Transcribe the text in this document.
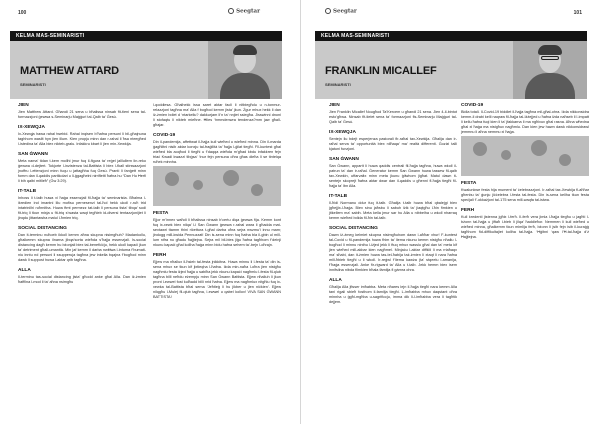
100	Seegtar
KELMA MAS-SEMINARISTI
MATTHEW ATTARD
SEMINARISTI
JIEN
Jien Matthew Attard. Għandi 21 sena u bħalissa ninsab fit-tieni sena tal-formazzjoni ġewwa s-Seminarju Maġġuri tal-Qalb ta’ Ġesù.
IX-XEWQJA
Ix-Xewqja hawa rahal twebid. Rahal inqisen b’ħafna persuni li bil-għajnuna taghhom waslit hyn jien illum. Kien propju minn dan r-rahal li ħsa nteegħed l-istedina ta’ Alla biex nikteb-gralu. Infakkru kbart li jien min-Xewkija.
SAN ĠWANN
Meta nama’ tidan t-kem mollhi jmur fuq il-figura ta’ reġel jalllullern lin-reko ġewwa d-dejtert. Tokjorte l-inzistenza tal-Battista li biex l-fkall stinwazzjoni jnoffru l-ettenzjoni minn fuqu u jattagħha fuq Ġesù. Pranti li fanġett minn fomm dan il-qaddis partikolari u li-ġgagħelni nirrifletti ħafna hu “Dan Hu Ħerfi li bih qalbi mitlieħ” (Ġw 3:29).
IT-TALB
Inhoss li t-talb huwa xi ħaġa essenzjali fil-ħajja ta’ seminarista. Bħalma l-ikredien ind imantni lilu mofisu pernesenzi tal-ħol hekk ukoll r-ruħ trid intatrinilhi ruħrnitha. Huwa ftmt permezz tat-talb li persuna tista’ tibqa’ sodi fit-triq li tkun mixja u fit-triq s’wasta waqt tegħleb id-diversi tentazzjonijiet li jinqdu jittantawha matul l-ħmien triq.
SOCIAL DISTANCING
Dan it-terminu nuħoeb ikkoll kemm aħna skupna nisimgħuh? Madankollu, għalkemm skupna ilnarna jibqa’sorta wieħda s’ħajja essenzjali. Is-social distancing dagħ kemm hu bżonjali biex tal-benefiċċju, hekk ukoll kapaċi jkun ta’ detriment għall-umanità. Min jaf kemm il darba nwittwa l-intuma f’bumati-niu inntu nd persuni li ssupperuja tagħna jew inkella bqajna f’bogħod minn dawk li suppost huwa l-aktar qrib tagħna.
ALLA
Il-terminu tas-social distancing jista’ għodd anke għal Alla. Dan iż-żmien ħaffilna l-mod li ta’ aħna nsimgħu
l-qoddiesa. Għalhekk issa saret aktar facli li nitbiegħdu u n-tonmur-relazzjoni tagħna ma’ Alla f bogħod kemm jista’ jkun. Żgur mhux hekk li dan iż-żmien bdiet d ‘ntarkellu? dakkurjam li’n ta’ nnjiet ssiegħa. Jisswinni dnoni li stofaqtu li nikteb mieħne. Ħlies ‘hmmdenwra tendenza?mm jaw għall-għajar.
COVID-19
Din il-pandemija, affettwat il-ħajja kull wieħed u wieħed minna. Din il-marda ġagħlitni nisib aktar konxju tal-fraġilità ta’ ħajja l-ġilat tiegħi. Fil-kuntest għal wieħed bla aoqħod li tiegħi u f’daqqa wieħda m’għad kbdu infakkren fejn triaċ Kwadi kwazzi tibġsa’ ‘inur fejn persuna oħra għas dieħa li se tintelqa ruħek minnha.
FESTA
Ejjor m’innex waħdi li bħalissa ninsab b’certu diqa ġewwa fija. Kemm kont fuq ix-xewk biex nilqa’ l-l San Ġwann ġewwa r-rahal wara li għadda mat-sextawri ttamm thini riċettura t-għal darba oħra sejra nwzmu’i innu mam; jindogg mill-kwida Pennuzzat! Din is-sena minn fuq ħafna bla il-gbin ul mill-lum nifra nu għadu ħajjtejna. Sejra mil bil-bies jiġu ħafna tagħhom f’deinji nkunu kapaċi għal kollha ħaġa minn bidu hafna sehem ta’-bejn l-oħrajn.
FERH
Ejjew ma nħallux il-ħsieb tal-festa jnikkitna. Huwa minnu li l-festa ta’ din is-sena mhux se tkun kif jixtieqha l-ħafna. Iżda min-naħa l-oħra jien nistgħu nagħmlu festa iżjed ħajja u sabiħa jekk nkunu kapaċi nagħmlu l-festa fil-qlub tagħna billi neħdu eżempju minn San Ġwann Battista. Ejjew nħalluh li jkun pront l-ewwel fost kulħadd billi nrid ħafna. Ejjew ma nagħmlux nitgħlu fuq ix-xewka tal-Battista bħal sema ‘Jeħtieġ li hu jikber u jien niċkien’. Ejjew nilqgħu l-Mulej fil-qlub tagħna, l-ewwel u qabel kollox! VIVA SAN ĠWANN BATTISTA!
101
Seegtar
KELMA MAS-SEMINARISTI
FRANKLIN MICALLEF
SEMINARISTI
JIEN
Jien Franklin Micallef Nougħod Ta’Kercem u għandi 21 sena. Jien 4-il-bintot esto’għwa. Ninsab fit-tielet sena ta’ formazzjoni fis-Seminarju Maġġuri tal-Qalb ta’ Ġesù.
IX-XEWQJA
Sentejn ilu bdejt esperjenza pastorali fir-raħal tax-Xewkija. Għalija dan ir-raħal serva ta’ opportunità biex nilħaqa’ ma’ realtà differenti. Ġozizi talli kjatuni funzjoni.
SAN ĠWANN
San Ġwann, appartt li huwa qaddis centrali fil-ħajja tagħna, huwa wkoll il-patrun ta’ dan ir-raħal. Ġeneratur kemm San Ġwann huwa tassew fil-qalb tax-Xewkin, uffarvaltx minn meta jkunu ġilwhom jigħat. Matul dawn it-sentejn skoprejt ħafna aktar dwar dan il-qaddis u għenni fl-ħajja tiegħi fil-ħajja ta’ lbn Alla.
IT-TALB
Il-ħidi Normanu ddur fuq it-talb. Għalija t-talb huwa bħal qbalejgi biex jgħejjix-l-ħaġa. Biex sinu jaħsbu li sabuh iżik ta’ jiaqtgħu l-ħin fimkien u jitkellem ma’ sabih. Meta kella jmur sar hu Alla u nibbelha u wkoll nharraq kemm wieħed bdida fil-ħin tal-talb.
SOCIAL DISTANCING
Dawn iż-żmeg kelmiet skupna nisimgħuhom dawn l-aħħar xhur! F-kuntest tal-Covid u fil-pandemija huwa fhim ta’ liema nkunu kemm nistgħu nħallu l-bogħod li minnu ninthu l-iżjed jekk li ftuq mhux wasslu għal dan ta’ meta kif jien wieħed mill-akbar kien nagħmel. Minjaċu l-aktar diffiċli li ma rriaħaqx ma’ sħabi, dan it-żmien huwa tas-tel-ħabija taż-żmien li xtaqt li nara ħafna mill-ħbieb tiegħi u li wkoll. Ir-reġwl f’liema kawża (ta’ stqeelu l-amanija, f’ħaġa essenzjali. Anke fir-rigward ta’ Alla u t-talb. Jekk hemm biex isem innifsilna nibda flimkien bħala fàmilja fi gàmra ohra.
ALLA
Għalija Alla jfisser imħabba. Meta nħares lejn il-ħajja tiegħi nara kemm Alla tani rigali sbieħ fosthom il-familja tiegħi. L-imħabba mhux daqstant oħra minnha u ġgħi-mgħba u-sagrificcju, imma dik li-l-imħabba vera li tagħtik dejjem.
COVID-19
Bidla totali. Il-Covid-19 biddlet il-ħajja tagħna mil-għal-ohra. Iżda nikkonsidra kemm-il drabi kelli naqraw fil-ħajja tal-Iżżejjed u ħafna iżda naħseb li l-impatt li kellu ħafna fuqi kien li ta’ jfakkarna li ma ngħixux għal rasna. Aħna wħedna għal xi ħaġa ma nistgħux nagħmlu. Dan kien jew hawn dawk nikkonsidrawl jemmnu li aħna nemmu xi ħaġa.
FESTA
Kwalunkwe festa hija mument ta’ ċelebrazzjoni. Ir-raħal tax-Xewkija fl-aħħar għenbu ta’ ġunju jiċċelebra l-festa tal-festa. Din is-sena kellha tkun festa speċjali f’-okkażjoni tal-175 sena mill-waqfa tal-istwa.
FERH
Kull kredenti jistenna jgħix l-ferħ. Il-ferħ vera jimla l-ħajja tiegħu u jagħti l-bżonn tal-ħajja u jiftaħ l-bieb li jilqa’ ħaddieħor. Nemmen li kull wieħed u wieħed minna, għalkemm tkun mimlija ferħ, bżonn li jsib fejn isib il-kuraġġ tagħhom fid-diffikultajiet kollha tal-ħajja. ‘Ħġibni ‘qaw l’Ħ-tal-ħajja d’ż Ħajjtejna.
